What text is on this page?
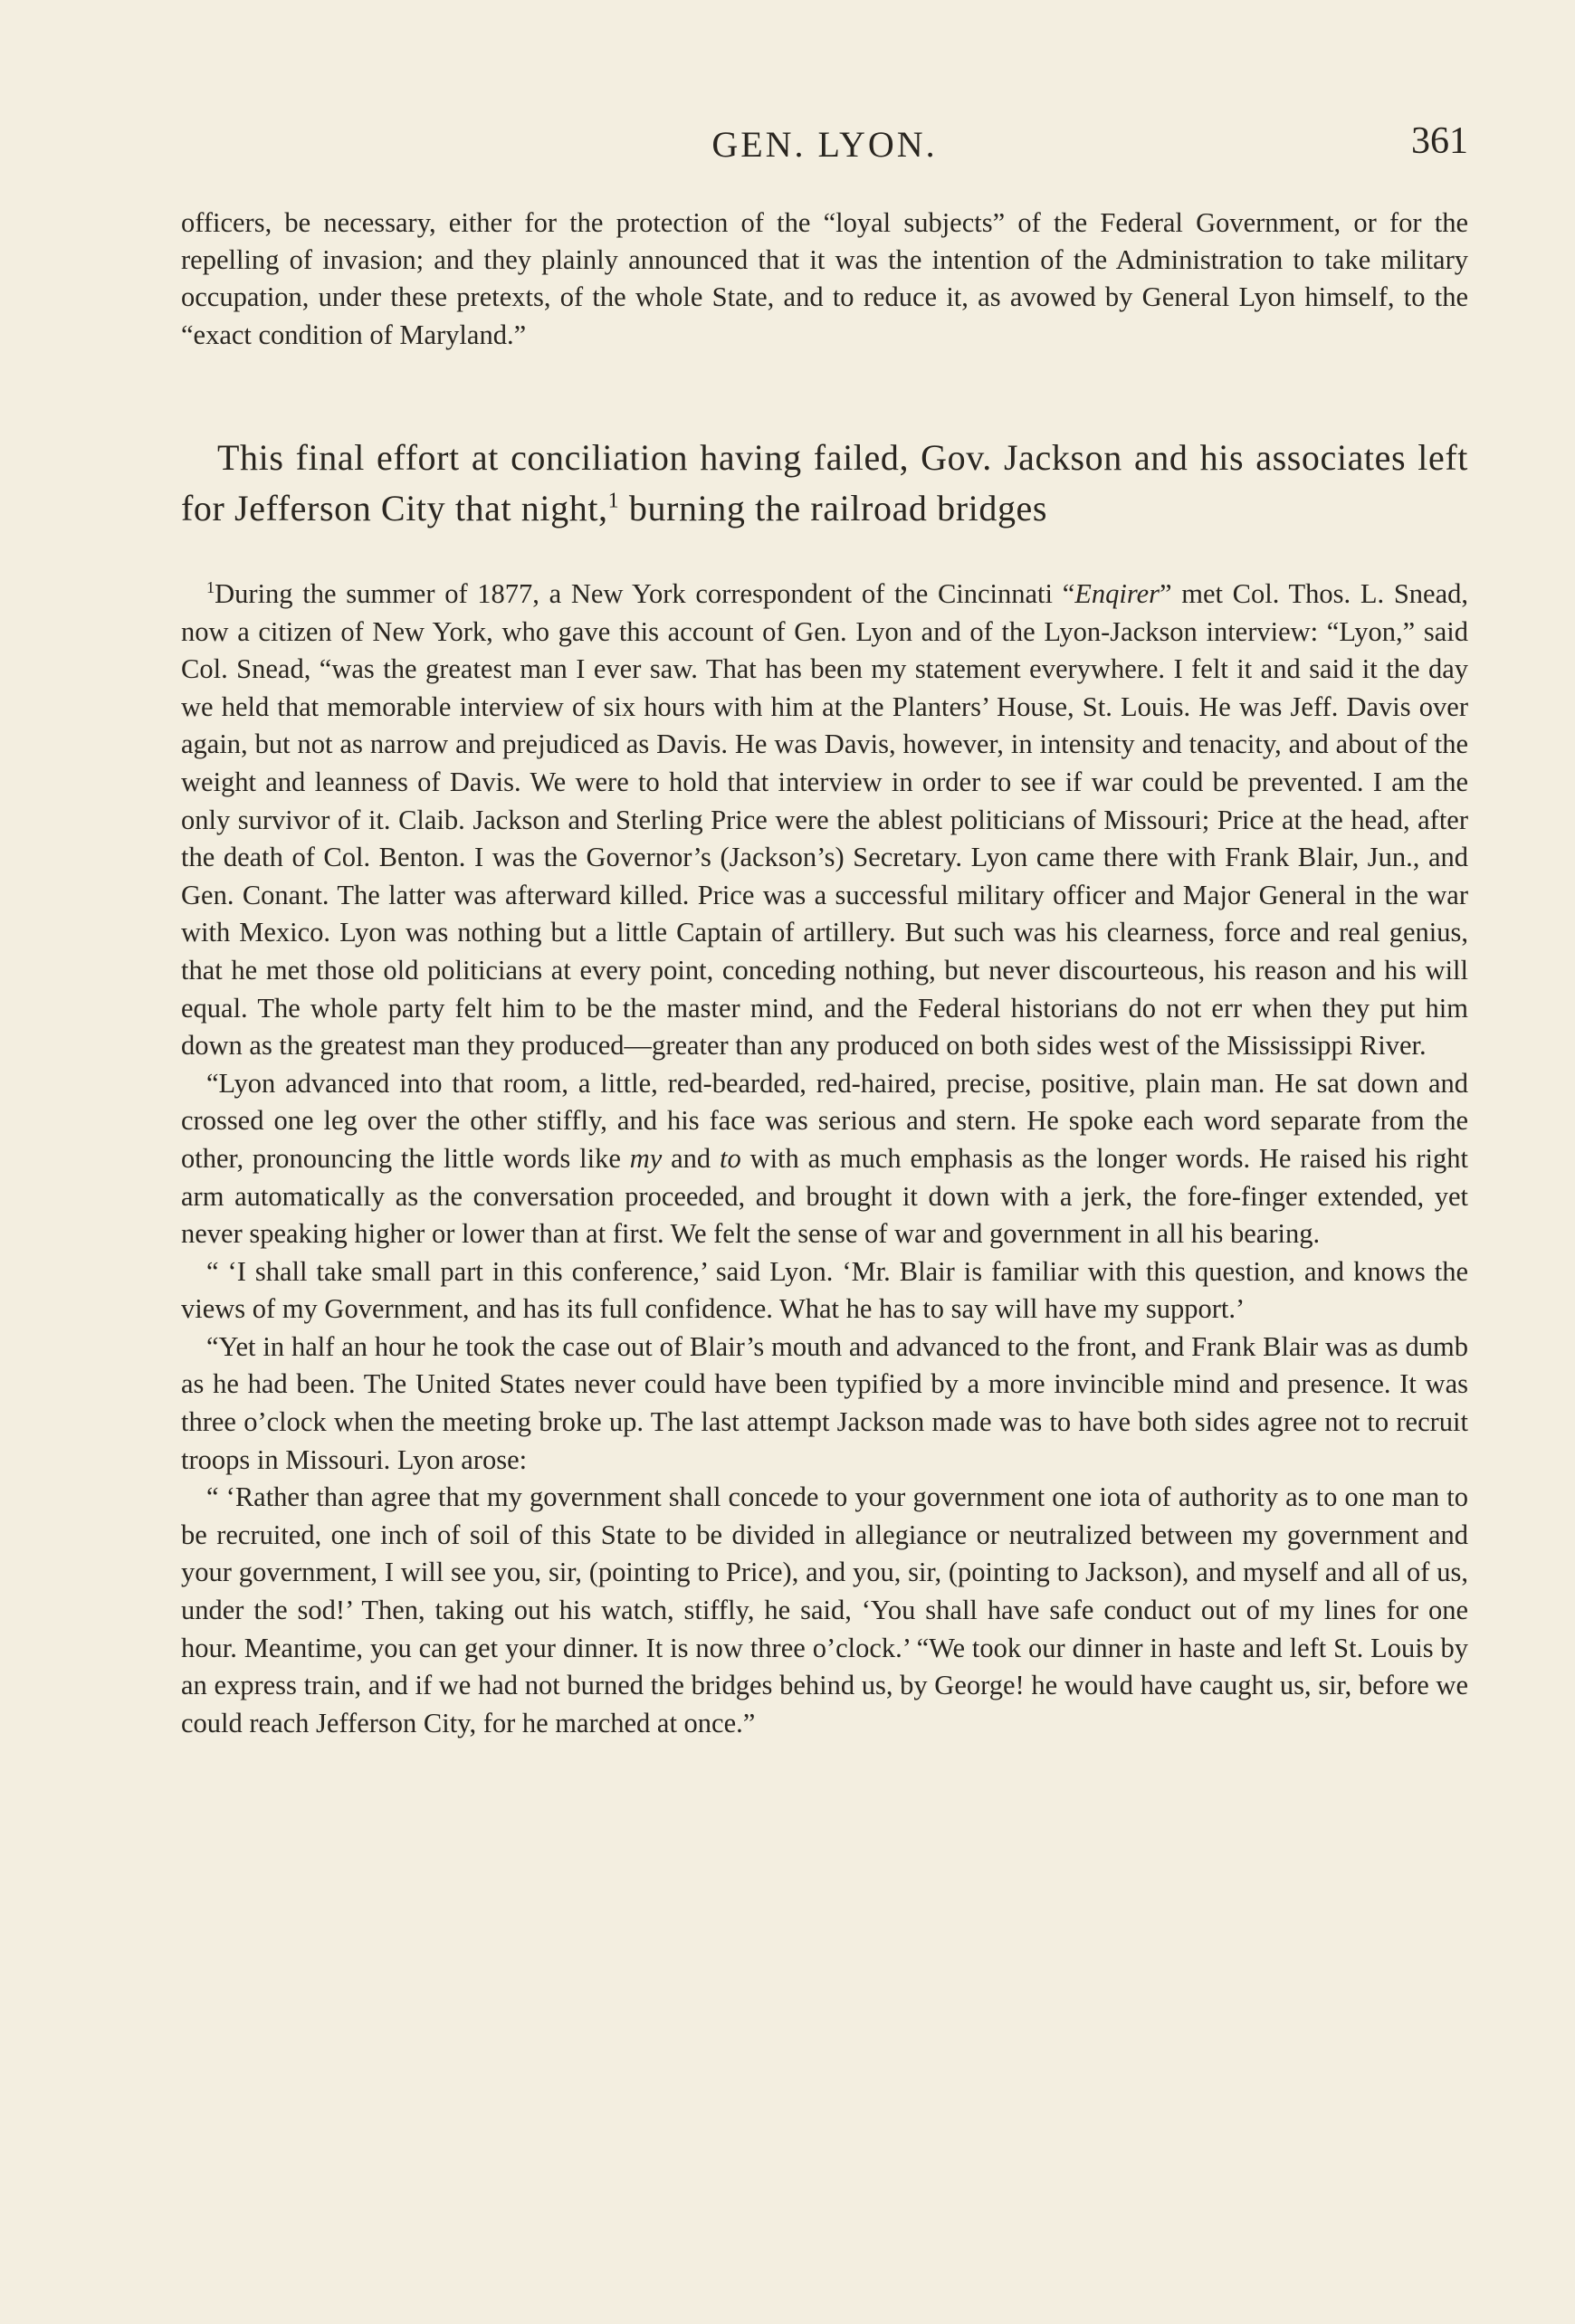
GEN. LYON.	361

officers, be necessary, either for the protection of the “loyal subjects” of the Federal Government, or for the repelling of invasion; and they plainly announced that it was the intention of the Administration to take military occupation, under these pretexts, of the whole State, and to reduce it, as avowed by General Lyon himself, to the “exact condition of Maryland.”

This final effort at conciliation having failed, Gov. Jackson and his associates left for Jefferson City that night,$^1$ burning the railroad bridges

$^1$During the summer of 1877, a New York correspondent of the Cincinnati “Enqirer” met Col. Thos. L. Snead, now a citizen of New York, who gave this account of Gen. Lyon and of the Lyon-Jackson interview: “Lyon,” said Col. Snead, “was the greatest man I ever saw. That has been my statement everywhere. I felt it and said it the day we held that memorable interview of six hours with him at the Planters’ House, St. Louis. He was Jeff. Davis over again, but not as narrow and prejudiced as Davis. He was Davis, however, in intensity and tenacity, and about of the weight and leanness of Davis. We were to hold that interview in order to see if war could be prevented. I am the only survivor of it. Claib. Jackson and Sterling Price were the ablest politicians of Missouri; Price at the head, after the death of Col. Benton. I was the Governor’s (Jackson’s) Secretary. Lyon came there with Frank Blair, Jun., and Gen. Conant. The latter was afterward killed. Price was a successful military officer and Major General in the war with Mexico. Lyon was nothing but a little Captain of artillery. But such was his clearness, force and real genius, that he met those old politicians at every point, conceding nothing, but never discourteous, his reason and his will equal. The whole party felt him to be the master mind, and the Federal historians do not err when they put him down as the greatest man they produced—greater than any produced on both sides west of the Mississippi River.

“Lyon advanced into that room, a little, red-bearded, red-haired, precise, positive, plain man. He sat down and crossed one leg over the other stiffly, and his face was serious and stern. He spoke each word separate from the other, pronouncing the little words like my and to with as much emphasis as the longer words. He raised his right arm automatically as the conversation proceeded, and brought it down with a jerk, the fore-finger extended, yet never speaking higher or lower than at first. We felt the sense of war and government in all his bearing.

“ ‘I shall take small part in this conference,’ said Lyon. ‘Mr. Blair is familiar with this question, and knows the views of my Government, and has its full confidence. What he has to say will have my support.’

“Yet in half an hour he took the case out of Blair’s mouth and advanced to the front, and Frank Blair was as dumb as he had been. The United States never could have been typified by a more invincible mind and presence. It was three o’clock when the meeting broke up. The last attempt Jackson made was to have both sides agree not to recruit troops in Missouri. Lyon arose:

“ ‘Rather than agree that my government shall concede to your government one iota of authority as to one man to be recruited, one inch of soil of this State to be divided in allegiance or neutralized between my government and your government, I will see you, sir, (pointing to Price), and you, sir, (pointing to Jackson), and myself and all of us, under the sod!’ Then, taking out his watch, stiffly, he said, ‘You shall have safe conduct out of my lines for one hour. Meantime, you can get your dinner. It is now three o’clock.’ “We took our dinner in haste and left St. Louis by an express train, and if we had not burned the bridges behind us, by George! he would have caught us, sir, before we could reach Jefferson City, for he marched at once.”
